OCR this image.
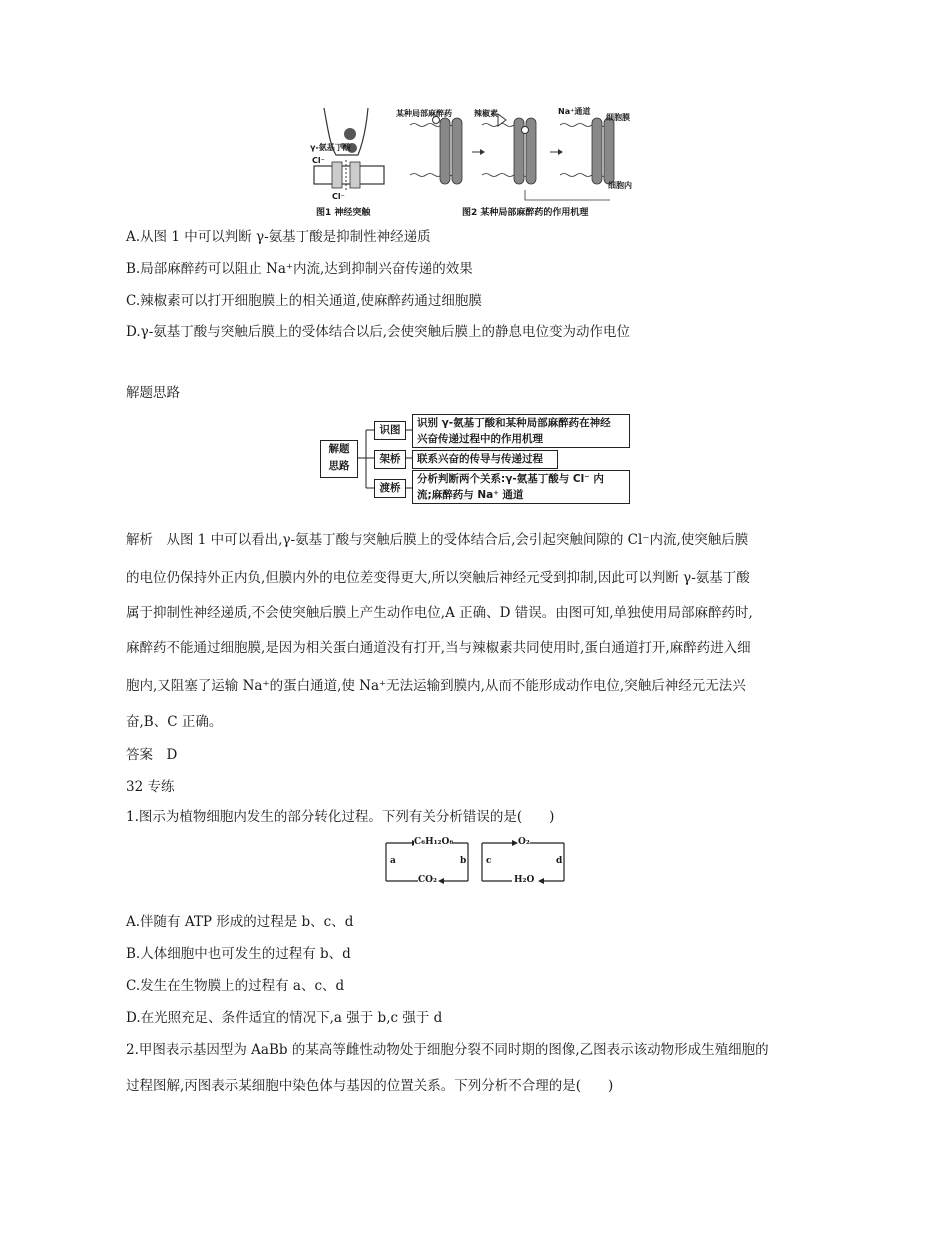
γ-氨基丁酸
Cl⁻
Cl⁻
某种局部麻醉药	辣椒素	Na⁺通道
细胞膜
细胞内
图1 神经突触	图2 某种局部麻醉药的作用机理
A.从图 1 中可以判断 γ-氨基丁酸是抑制性神经递质
B.局部麻醉药可以阻止 Na⁺内流,达到抑制兴奋传递的效果
C.辣椒素可以打开细胞膜上的相关通道,使麻醉药通过细胞膜
D.γ-氨基丁酸与突触后膜上的受体结合以后,会使突触后膜上的静息电位变为动作电位
解题思路
解题
思路
识图
识别 γ-氨基丁酸和某种局部麻醉药在神经
兴奋传递过程中的作用机理
架桥	联系兴奋的传导与传递过程
渡桥
分析判断两个关系:γ-氨基丁酸与 Cl⁻ 内
流;麻醉药与 Na⁺ 通道
解析　从图 1 中可以看出,γ-氨基丁酸与突触后膜上的受体结合后,会引起突触间隙的 Cl⁻内流,使突触后膜
的电位仍保持外正内负,但膜内外的电位差变得更大,所以突触后神经元受到抑制,因此可以判断 γ-氨基丁酸
属于抑制性神经递质,不会使突触后膜上产生动作电位,A 正确、D 错误。由图可知,单独使用局部麻醉药时,
麻醉药不能通过细胞膜,是因为相关蛋白通道没有打开,当与辣椒素共同使用时,蛋白通道打开,麻醉药进入细
胞内,又阻塞了运输 Na⁺的蛋白通道,使 Na⁺无法运输到膜内,从而不能形成动作电位,突触后神经元无法兴
奋,B、C 正确。
答案　D
32 专练
1.图示为植物细胞内发生的部分转化过程。下列有关分析错误的是(　　)
C₆H₁₂O₆
CO₂
a	b
O₂
H₂O
c	d
A.伴随有 ATP 形成的过程是 b、c、d
B.人体细胞中也可发生的过程有 b、d
C.发生在生物膜上的过程有 a、c、d
D.在光照充足、条件适宜的情况下,a 强于 b,c 强于 d
2.甲图表示基因型为 AaBb 的某高等雌性动物处于细胞分裂不同时期的图像,乙图表示该动物形成生殖细胞的
过程图解,丙图表示某细胞中染色体与基因的位置关系。下列分析不合理的是(　　)
